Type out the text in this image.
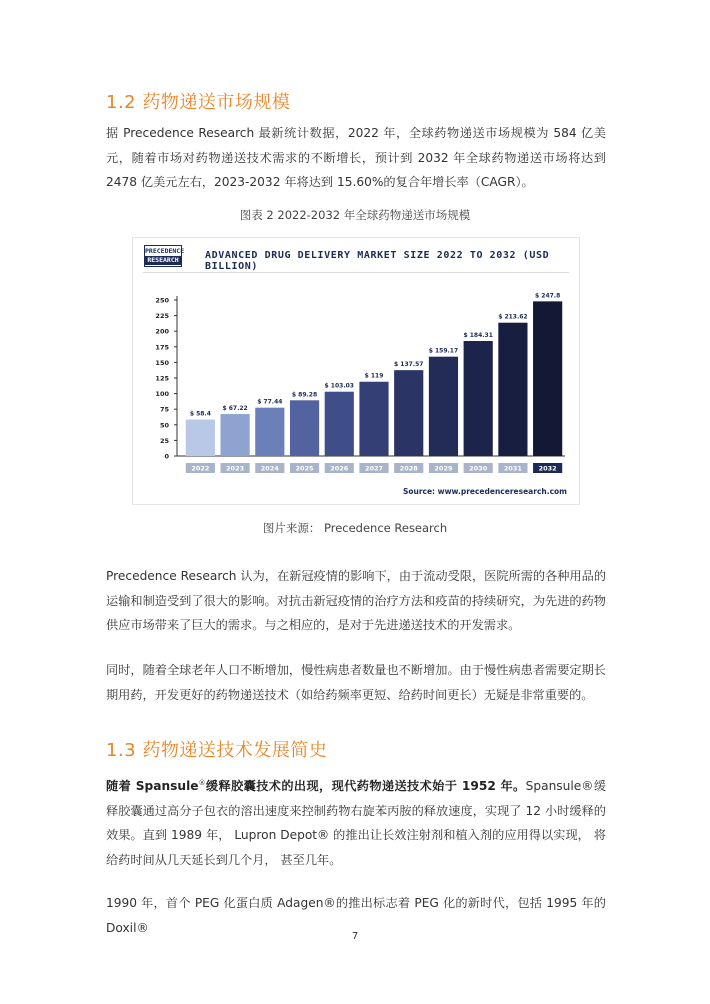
1.2 药物递送市场规模

据 Precedence Research 最新统计数据，2022 年，全球药物递送市场规模为 584 亿美元，随着市场对药物递送技术需求的不断增长，预计到 2032 年全球药物递送市场将达到 2478 亿美元左右，2023-2032 年将达到 15.60%的复合年增长率（CAGR）。

图表 2 2022-2032 年全球药物递送市场规模

PRECEDENCE
RESEARCH	ADVANCED DRUG DELIVERY MARKET SIZE 2022 TO 2032 (USD BILLION)
0
25
50
75
100
125
150
175
200
225
250
$ 58.4
2022
$ 67.22
2023
$ 77.44
2024
$ 89.28
2025
$ 103.03
2026
$ 119
2027
$ 137.57
2028
$ 159.17
2029
$ 184.31
2030
$ 213.62
2031
$ 247.8
2032
Source: www.precedenceresearch.com

图片来源： Precedence Research

Precedence Research 认为，在新冠疫情的影响下，由于流动受限，医院所需的各种用品的运输和制造受到了很大的影响。对抗击新冠疫情的治疗方法和疫苗的持续研究，为先进的药物供应市场带来了巨大的需求。与之相应的，是对于先进递送技术的开发需求。

同时，随着全球老年人口不断增加，慢性病患者数量也不断增加。由于慢性病患者需要定期长期用药，开发更好的药物递送技术（如给药频率更短、给药时间更长）无疑是非常重要的。

1.3 药物递送技术发展简史

随着 Spansule®缓释胶囊技术的出现，现代药物递送技术始于 1952 年。Spansule®缓释胶囊通过高分子包衣的溶出速度来控制药物右旋苯丙胺的释放速度，实现了 12 小时缓释的效果。直到 1989 年， Lupron Depot® 的推出让长效注射剂和植入剂的应用得以实现， 将给药时间从几天延长到几个月， 甚至几年。

1990 年，首个 PEG 化蛋白质 Adagen®的推出标志着 PEG 化的新时代，包括 1995 年的 Doxil®

7
